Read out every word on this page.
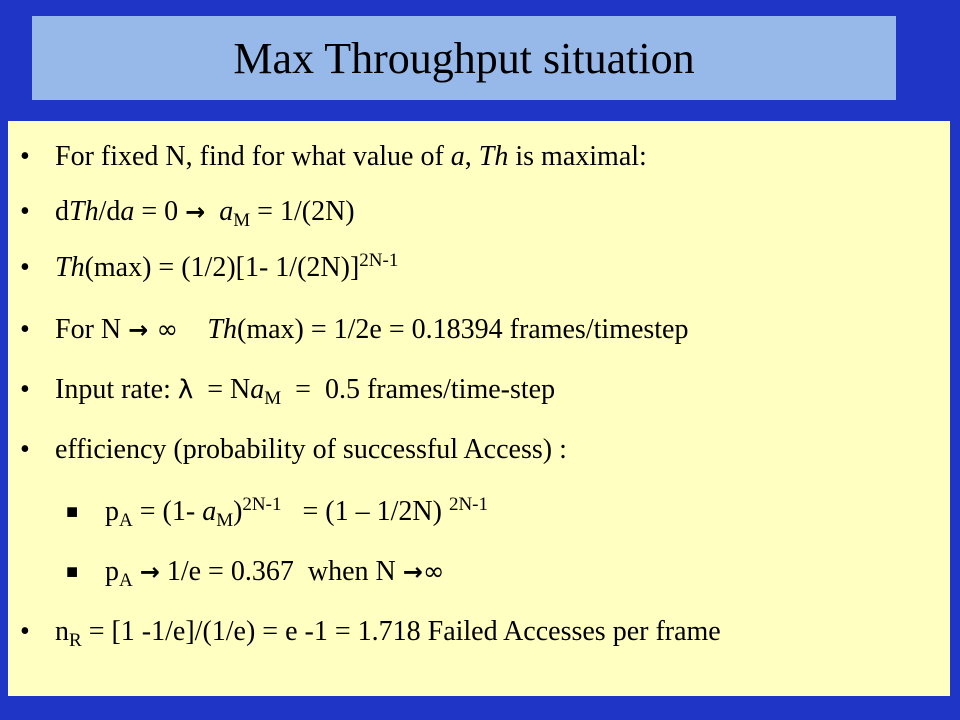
Max Throughput situation
• For fixed N, find for what value of a, Th is maximal:
• $dTh/da = 0 \to a_M = 1/(2N)$
• Th(max) = (1/2)[1- 1/(2N)]$^{2N-1}$
• For N → ∞    Th(max) = 1/2e = 0.18394 frames/timestep
• Input rate: $\lambda = Na_M = 0.5$ frames/time-step
• efficiency (probability of successful Access) :
■ $p_A = (1-$ $a_M)^{2N-1} = (1 - 1/2N)$ $^{2N-1}$
■ $p_A \to 1/e = 0.367$  when N →∞
• $n_R = [1$ -1/e]/(1/e) = e -1 = 1.718 Failed Accesses per frame
